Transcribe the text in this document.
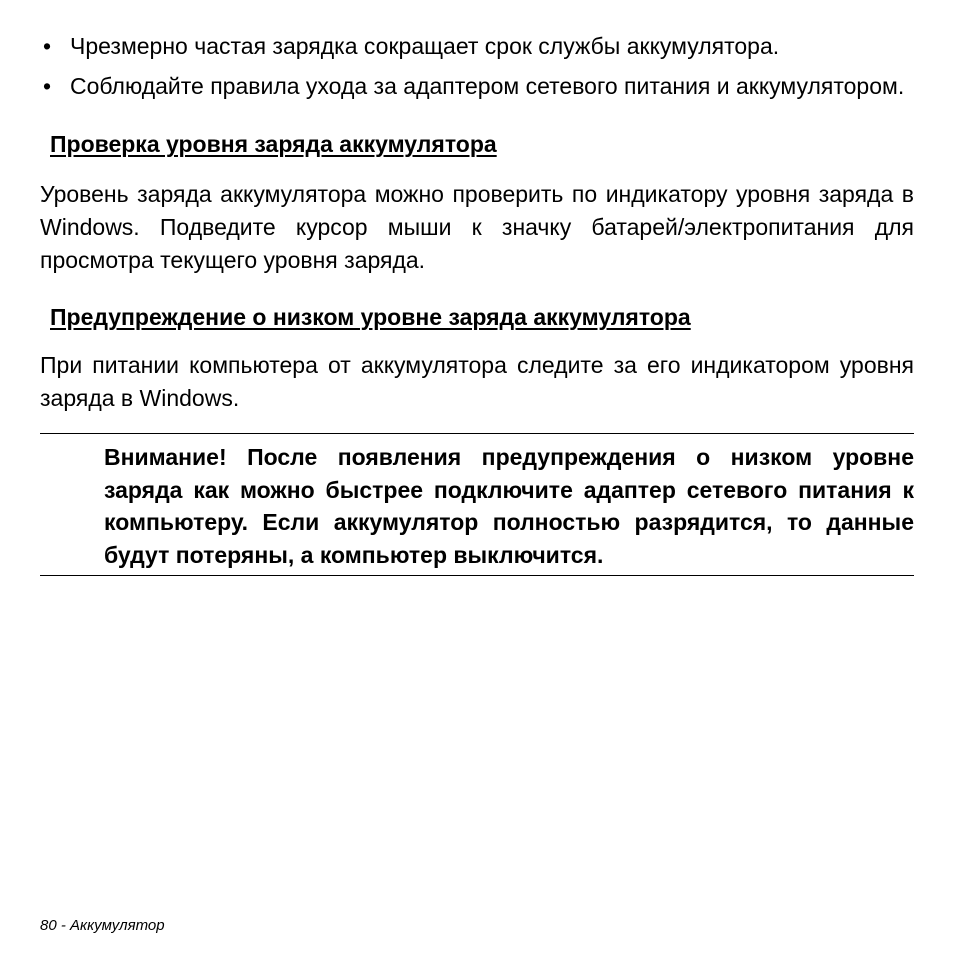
• Чрезмерно частая зарядка сокращает срок службы аккумулятора.
• Соблюдайте правила ухода за адаптером сетевого питания и аккумулятором.
Проверка уровня заряда аккумулятора

Уровень заряда аккумулятора можно проверить по индикатору уровня заряда в Windows. Подведите курсор мыши к значку батарей/электропитания для просмотра текущего уровня заряда.

Предупреждение о низком уровне заряда аккумулятора

При питании компьютера от аккумулятора следите за его индикатором уровня заряда в Windows.

Внимание! После появления предупреждения о низком уровне заряда как можно быстрее подключите адаптер сетевого питания к компьютеру. Если аккумулятор полностью разрядится, то данные будут потеряны, а компьютер выключится.

80 - Аккумулятор
